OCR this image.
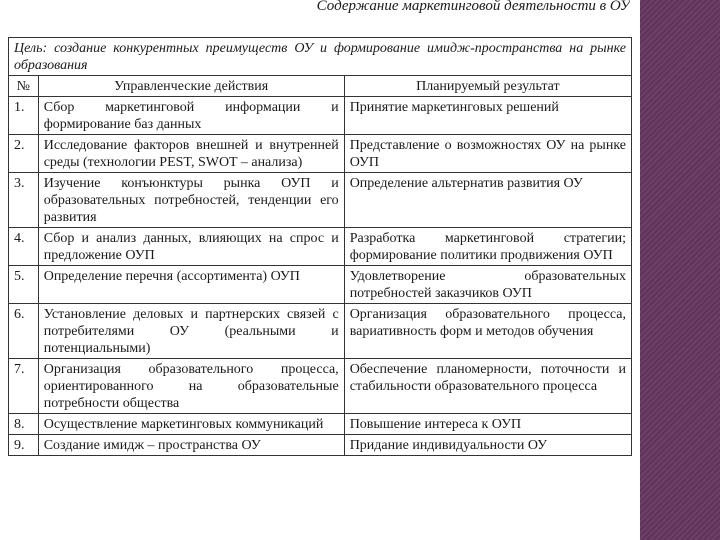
Содержание маркетинговой деятельности в ОУ
Цель: создание конкурентных преимуществ ОУ и формирование имидж-пространства на рынке образования		
№	Управленческие действия	Планируемый результат
1.	Сбор маркетинговой информации и формирование баз данных	Принятие маркетинговых решений
2.	Исследование факторов внешней и внутренней среды (технологии PEST, SWOT – анализа)	Представление о возможностях ОУ на рынке ОУП
3.	Изучение конъюнктуры рынка ОУП и образовательных потребностей, тенденции его развития	Определение альтернатив развития ОУ
4.	Сбор и анализ данных, влияющих на спрос и предложение ОУП	Разработка маркетинговой стратегии; формирование политики продвижения ОУП
5.	Определение перечня (ассортимента) ОУП	Удовлетворение образовательных потребностей заказчиков ОУП
6.	Установление деловых и партнерских связей с потребителями ОУ (реальными и потенциальными)	Организация образовательного процесса, вариативность форм и методов обучения
7.	Организация образовательного процесса, ориентированного на образовательные потребности общества	Обеспечение планомерности, поточности и стабильности образовательного процесса
8.	Осуществление маркетинговых коммуникаций	Повышение интереса к ОУП
9.	Создание имидж – пространства ОУ	Придание индивидуальности ОУ
